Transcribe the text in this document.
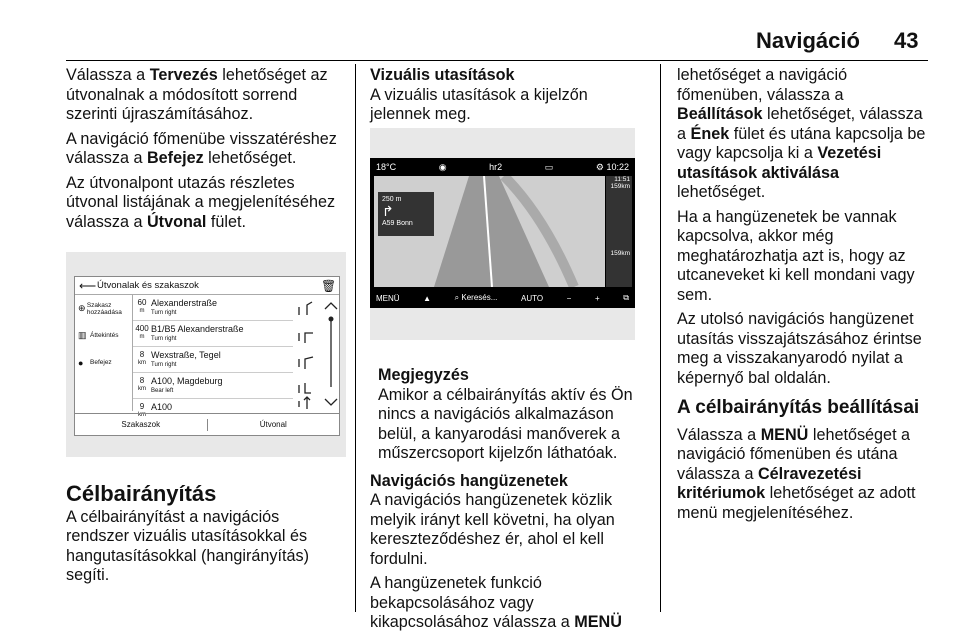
Navigáció 43

Válassza a Tervezés lehetőséget az útvonalnak a módosított sorrend szerinti újraszámításához.

A navigáció főmenübe visszatéréshez válassza a Befejez lehetőséget.

Az útvonalpont utazás részletes útvonal listájának a megjelenítéséhez válassza a Útvonal fület.

⟵ Útvonalak és szakaszok	🗑
⊕ Szakasz hozzáadása
▥ Áttekintés
●	Befejez
60
m
Alexanderstraße
Turn right
400
m
B1/B5 Alexanderstraße
Turn right
8
km
Wexstraße, Tegel
Turn right
8
km
A100, Magdeburg
Bear left
9
km
A100
Szakaszok	Útvonal
Célbairányítás

A célbairányítást a navigációs rendszer vizuális utasításokkal és hangutasításokkal (hangirányítás) segíti.

Vizuális utasítások

A vizuális utasítások a kijelzőn jelennek meg.

18°C	◉	hr2	▭	⚙ 10:22
250 m
↱
A59 Bonn
11:51
159km
159km
MENÜ	▲	⌕ Keresés...	AUTO	−	+	⧉
Megjegyzés
Amikor a célbairányítás aktív és Ön nincs a navigációs alkalmazáson belül, a kanyarodási manőverek a műszercsoport kijelzőn láthatóak.
Navigációs hangüzenetek

A navigációs hangüzenetek közlik melyik irányt kell követni, ha olyan kereszteződéshez ér, ahol el kell fordulni.

A hangüzenetek funkció bekapcsolásához vagy kikapcsolásához válassza a MENÜ

lehetőséget a navigáció főmenüben, válassza a Beállítások lehetőséget, válassza a Ének fület és utána kapcsolja be vagy kapcsolja ki a Vezetési utasítások aktiválása lehetőséget.

Ha a hangüzenetek be vannak kapcsolva, akkor még meghatározhatja azt is, hogy az utcaneveket ki kell mondani vagy sem.

Az utolsó navigációs hangüzenet utasítás visszajátszásához érintse meg a visszakanyarodó nyilat a képernyő bal oldalán.

A célbairányítás beállításai

Válassza a MENÜ lehetőséget a navigáció főmenüben és utána válassza a Célravezetési kritériumok lehetőséget az adott menü megjelenítéséhez.
